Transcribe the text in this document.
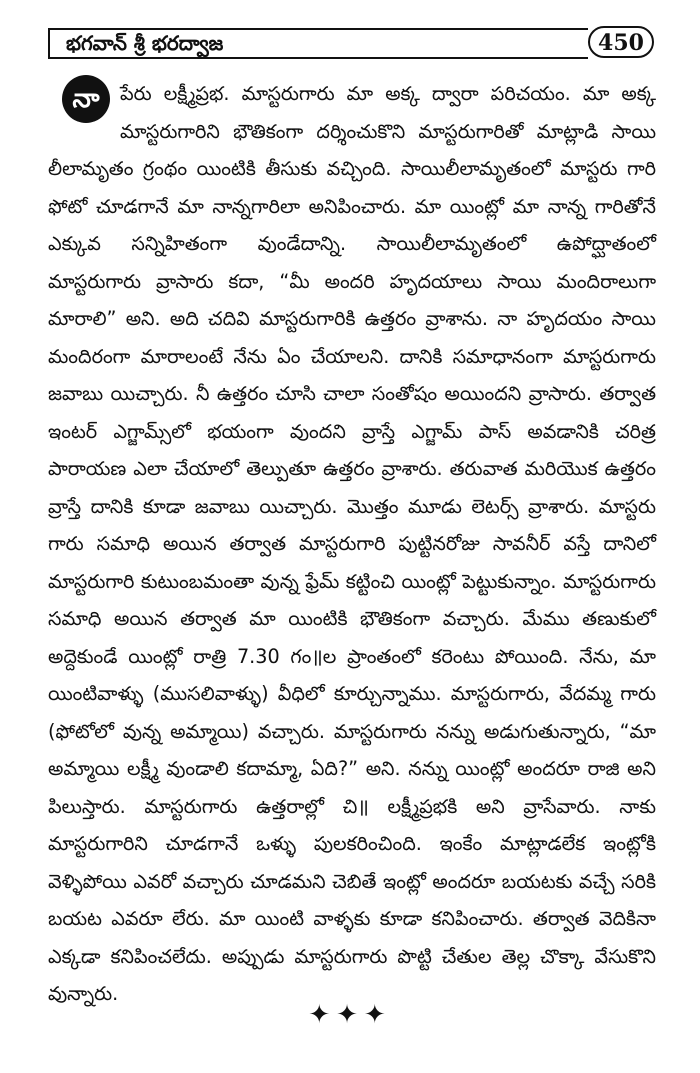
భగవాన్ శ్రీ భరద్వాజ	450

నా	పేరు లక్ష్మీప్రభ. మాస్టరుగారు మా అక్క ద్వారా పరిచయం. మా అక్క మాస్టరుగారిని భౌతికంగా దర్శించుకొని మాస్టరుగారితో మాట్లాడి సాయి లీలామృతం గ్రంథం యింటికి తీసుకు వచ్చింది. సాయిలీలామృతంలో మాస్టరు గారి ఫోటో చూడగానే మా నాన్నగారిలా అనిపించారు. మా యింట్లో మా నాన్న గారితోనే ఎక్కువ సన్నిహితంగా వుండేదాన్ని. సాయిలీలామృతంలో ఉపోద్ఘాతంలో మాస్టరుగారు వ్రాసారు కదా, “మీ అందరి హృదయాలు సాయి మందిరాలుగా మారాలి” అని. అది చదివి మాస్టరుగారికి ఉత్తరం వ్రాశాను. నా హృదయం సాయి మందిరంగా మారాలంటే నేను ఏం చేయాలని. దానికి సమాధానంగా మాస్టరుగారు జవాబు యిచ్చారు. నీ ఉత్తరం చూసి చాలా సంతోషం అయిందని వ్రాసారు. తర్వాత ఇంటర్ ఎగ్జామ్స్‌లో భయంగా వుందని వ్రాస్తే ఎగ్జామ్ పాస్ అవడానికి చరిత్ర పారాయణ ఎలా చేయాలో తెల్పుతూ ఉత్తరం వ్రాశారు. తరువాత మరియొక ఉత్తరం వ్రాస్తే దానికి కూడా జవాబు యిచ్చారు. మొత్తం మూడు లెటర్స్ వ్రాశారు. మాస్టరు గారు సమాధి అయిన తర్వాత మాస్టరుగారి పుట్టినరోజు సావనీర్ వస్తే దానిలో మాస్టరుగారి కుటుంబమంతా వున్న ఫ్రేమ్ కట్టించి యింట్లో పెట్టుకున్నాం. మాస్టరుగారు సమాధి అయిన తర్వాత మా యింటికి భౌతికంగా వచ్చారు. మేము తణుకులో అద్దెకుండే యింట్లో రాత్రి 7.30 గం॥ల ప్రాంతంలో కరెంటు పోయింది. నేను, మా యింటివాళ్ళు (ముసలివాళ్ళు) వీధిలో కూర్చున్నాము. మాస్టరుగారు, వేదమ్మ గారు (ఫోటోలో వున్న అమ్మాయి) వచ్చారు. మాస్టరుగారు నన్ను అడుగుతున్నారు, “మా అమ్మాయి లక్ష్మీ వుండాలి కదామ్మా, ఏది?” అని. నన్ను యింట్లో అందరూ రాజి అని పిలుస్తారు. మాస్టరుగారు ఉత్తరాల్లో చి॥ లక్ష్మీప్రభకి అని వ్రాసేవారు. నాకు మాస్టరుగారిని చూడగానే ఒళ్ళు పులకరించింది. ఇంకేం మాట్లాడలేక ఇంట్లోకి వెళ్ళిపోయి ఎవరో వచ్చారు చూడమని చెబితే ఇంట్లో అందరూ బయటకు వచ్చే సరికి బయట ఎవరూ లేరు. మా యింటి వాళ్ళకు కూడా కనిపించారు. తర్వాత వెదికినా ఎక్కడా కనిపించలేదు. అప్పుడు మాస్టరుగారు పొట్టి చేతుల తెల్ల చొక్కా వేసుకొని వున్నారు.

✦✦✦
